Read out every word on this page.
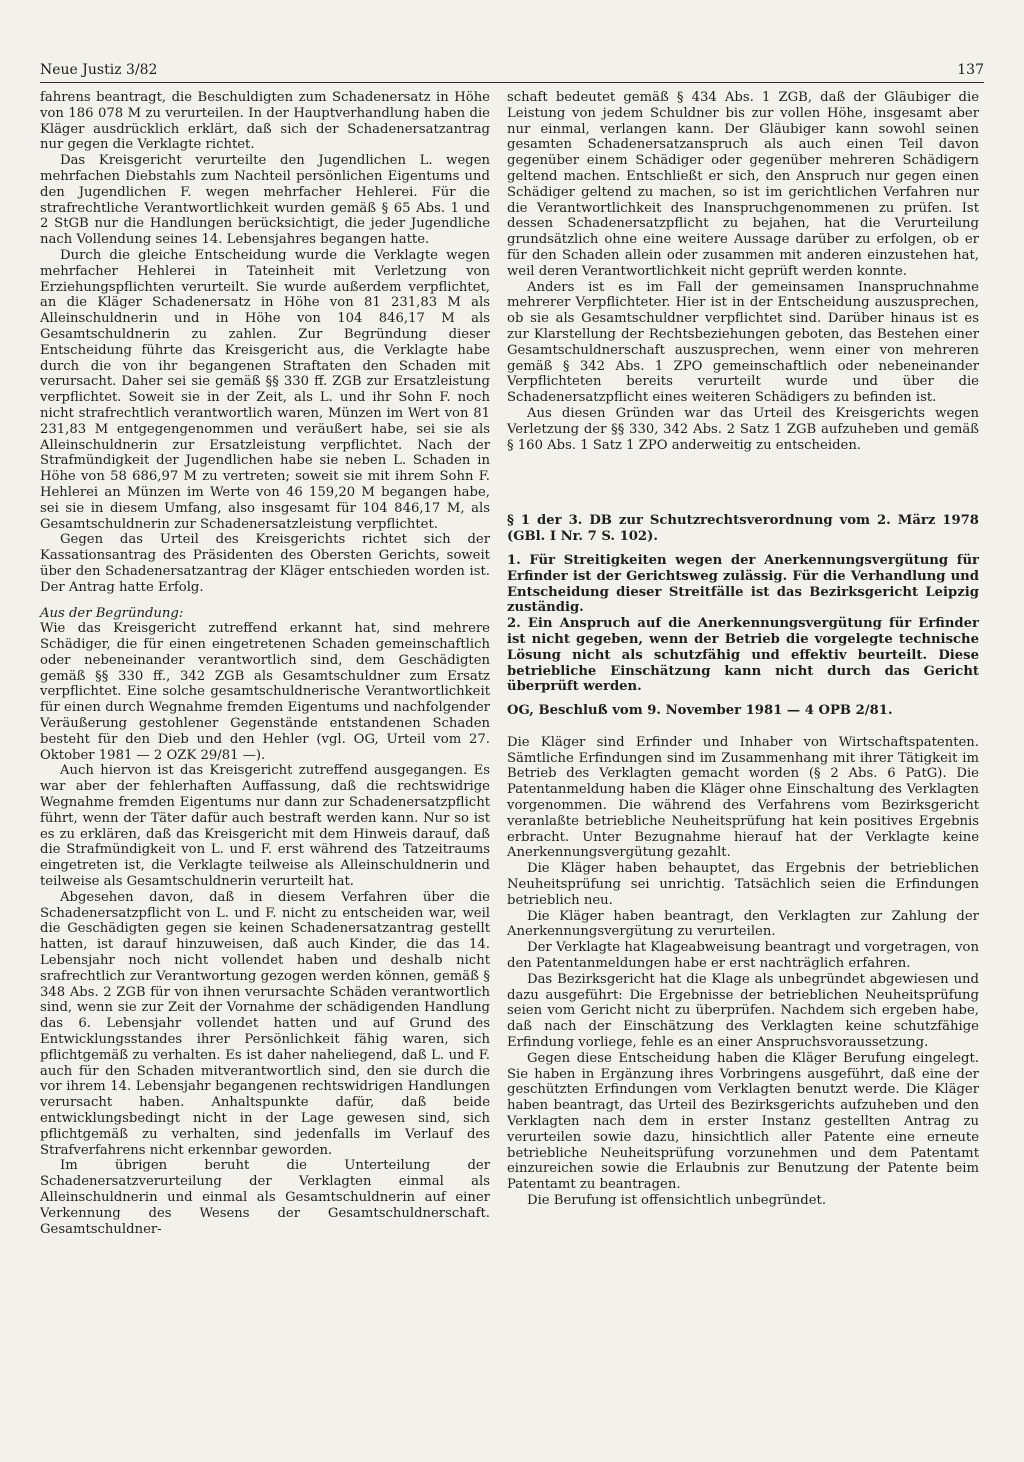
Neue Justiz 3/82	137

fahrens beantragt, die Beschuldigten zum Schadenersatz in Höhe von 186 078 M zu verurteilen. In der Hauptverhandlung haben die Kläger ausdrücklich erklärt, daß sich der Schadenersatzantrag nur gegen die Verklagte richtet.

Das Kreisgericht verurteilte den Jugendlichen L. wegen mehrfachen Diebstahls zum Nachteil persönlichen Eigentums und den Jugendlichen F. wegen mehrfacher Hehlerei. Für die strafrechtliche Verantwortlichkeit wurden gemäß § 65 Abs. 1 und 2 StGB nur die Handlungen berücksichtigt, die jeder Jugendliche nach Vollendung seines 14. Lebensjahres begangen hatte.

Durch die gleiche Entscheidung wurde die Verklagte wegen mehrfacher Hehlerei in Tateinheit mit Verletzung von Erziehungspflichten verurteilt. Sie wurde außerdem verpflichtet, an die Kläger Schadenersatz in Höhe von 81 231,83 M als Alleinschuldnerin und in Höhe von 104 846,17 M als Gesamtschuldnerin zu zahlen. Zur Begründung dieser Entscheidung führte das Kreisgericht aus, die Verklagte habe durch die von ihr begangenen Straftaten den Schaden mit verursacht. Daher sei sie gemäß §§ 330 ff. ZGB zur Ersatzleistung verpflichtet. Soweit sie in der Zeit, als L. und ihr Sohn F. noch nicht strafrechtlich verantwortlich waren, Münzen im Wert von 81 231,83 M entgegengenommen und veräußert habe, sei sie als Alleinschuldnerin zur Ersatzleistung verpflichtet. Nach der Strafmündigkeit der Jugendlichen habe sie neben L. Schaden in Höhe von 58 686,97 M zu vertreten; soweit sie mit ihrem Sohn F. Hehlerei an Münzen im Werte von 46 159,20 M begangen habe, sei sie in diesem Umfang, also insgesamt für 104 846,17 M, als Gesamtschuldnerin zur Schadenersatzleistung verpflichtet.

Gegen das Urteil des Kreisgerichts richtet sich der Kassationsantrag des Präsidenten des Obersten Gerichts, soweit über den Schadenersatzantrag der Kläger entschieden worden ist. Der Antrag hatte Erfolg.

Aus der Begründung:

Wie das Kreisgericht zutreffend erkannt hat, sind mehrere Schädiger, die für einen eingetretenen Schaden gemeinschaftlich oder nebeneinander verantwortlich sind, dem Geschädigten gemäß §§ 330 ff., 342 ZGB als Gesamtschuldner zum Ersatz verpflichtet. Eine solche gesamtschuldnerische Verantwortlichkeit für einen durch Wegnahme fremden Eigentums und nachfolgender Veräußerung gestohlener Gegenstände entstandenen Schaden besteht für den Dieb und den Hehler (vgl. OG, Urteil vom 27. Oktober 1981 — 2 OZK 29/81 —).

Auch hiervon ist das Kreisgericht zutreffend ausgegangen. Es war aber der fehlerhaften Auffassung, daß die rechtswidrige Wegnahme fremden Eigentums nur dann zur Schadenersatzpflicht führt, wenn der Täter dafür auch bestraft werden kann. Nur so ist es zu erklären, daß das Kreisgericht mit dem Hinweis darauf, daß die Strafmündigkeit von L. und F. erst während des Tatzeitraums eingetreten ist, die Verklagte teilweise als Alleinschuldnerin und teilweise als Gesamtschuldnerin verurteilt hat.

Abgesehen davon, daß in diesem Verfahren über die Schadenersatzpflicht von L. und F. nicht zu entscheiden war, weil die Geschädigten gegen sie keinen Schadenersatzantrag gestellt hatten, ist darauf hinzuweisen, daß auch Kinder, die das 14. Lebensjahr noch nicht vollendet haben und deshalb nicht srafrechtlich zur Verantwortung gezogen werden können, gemäß § 348 Abs. 2 ZGB für von ihnen verursachte Schäden verantwortlich sind, wenn sie zur Zeit der Vornahme der schädigenden Handlung das 6. Lebensjahr vollendet hatten und auf Grund des Entwicklungsstandes ihrer Persönlichkeit fähig waren, sich pflichtgemäß zu verhalten. Es ist daher naheliegend, daß L. und F. auch für den Schaden mitverantwortlich sind, den sie durch die vor ihrem 14. Lebensjahr begangenen rechtswidrigen Handlungen verursacht haben. Anhaltspunkte dafür, daß beide entwicklungsbedingt nicht in der Lage gewesen sind, sich pflichtgemäß zu verhalten, sind jedenfalls im Verlauf des Strafverfahrens nicht erkennbar geworden.

Im übrigen beruht die Unterteilung der Schadenersatzverurteilung der Verklagten einmal als Alleinschuldnerin und einmal als Gesamtschuldnerin auf einer Verkennung des Wesens der Gesamtschuldnerschaft. Gesamtschuldner-

schaft bedeutet gemäß § 434 Abs. 1 ZGB, daß der Gläubiger die Leistung von jedem Schuldner bis zur vollen Höhe, insgesamt aber nur einmal, verlangen kann. Der Gläubiger kann sowohl seinen gesamten Schadenersatzanspruch als auch einen Teil davon gegenüber einem Schädiger oder gegenüber mehreren Schädigern geltend machen. Entschließt er sich, den Anspruch nur gegen einen Schädiger geltend zu machen, so ist im gerichtlichen Verfahren nur die Verantwortlichkeit des Inanspruchgenommenen zu prüfen. Ist dessen Schadenersatzpflicht zu bejahen, hat die Verurteilung grundsätzlich ohne eine weitere Aussage darüber zu erfolgen, ob er für den Schaden allein oder zusammen mit anderen einzustehen hat, weil deren Verantwortlichkeit nicht geprüft werden konnte.

Anders ist es im Fall der gemeinsamen Inanspruchnahme mehrerer Verpflichteter. Hier ist in der Entscheidung auszusprechen, ob sie als Gesamtschuldner verpflichtet sind. Darüber hinaus ist es zur Klarstellung der Rechtsbeziehungen geboten, das Bestehen einer Gesamtschuldnerschaft auszusprechen, wenn einer von mehreren gemäß § 342 Abs. 1 ZPO gemeinschaftlich oder nebeneinander Verpflichteten bereits verurteilt wurde und über die Schadenersatzpflicht eines weiteren Schädigers zu befinden ist.

Aus diesen Gründen war das Urteil des Kreisgerichts wegen Verletzung der §§ 330, 342 Abs. 2 Satz 1 ZGB aufzuheben und gemäß § 160 Abs. 1 Satz 1 ZPO anderweitig zu entscheiden.

§ 1 der 3. DB zur Schutzrechtsverordnung vom 2. März 1978 (GBl. I Nr. 7 S. 102).

1. Für Streitigkeiten wegen der Anerkennungsvergütung für Erfinder ist der Gerichtsweg zulässig. Für die Verhandlung und Entscheidung dieser Streitfälle ist das Bezirksgericht Leipzig zuständig.

2. Ein Anspruch auf die Anerkennungsvergütung für Erfinder ist nicht gegeben, wenn der Betrieb die vorgelegte technische Lösung nicht als schutzfähig und effektiv beurteilt. Diese betriebliche Einschätzung kann nicht durch das Gericht überprüft werden.

OG, Beschluß vom 9. November 1981 — 4 OPB 2/81.

Die Kläger sind Erfinder und Inhaber von Wirtschaftspatenten. Sämtliche Erfindungen sind im Zusammenhang mit ihrer Tätigkeit im Betrieb des Verklagten gemacht worden (§ 2 Abs. 6 PatG). Die Patentanmeldung haben die Kläger ohne Einschaltung des Verklagten vorgenommen. Die während des Verfahrens vom Bezirksgericht veranlaßte betriebliche Neuheitsprüfung hat kein positives Ergebnis erbracht. Unter Bezugnahme hierauf hat der Verklagte keine Anerkennungsvergütung gezahlt.

Die Kläger haben behauptet, das Ergebnis der betrieblichen Neuheitsprüfung sei unrichtig. Tatsächlich seien die Erfindungen betrieblich neu.

Die Kläger haben beantragt, den Verklagten zur Zahlung der Anerkennungsvergütung zu verurteilen.

Der Verklagte hat Klageabweisung beantragt und vorgetragen, von den Patentanmeldungen habe er erst nachträglich erfahren.

Das Bezirksgericht hat die Klage als unbegründet abgewiesen und dazu ausgeführt: Die Ergebnisse der betrieblichen Neuheitsprüfung seien vom Gericht nicht zu überprüfen. Nachdem sich ergeben habe, daß nach der Einschätzung des Verklagten keine schutzfähige Erfindung vorliege, fehle es an einer Anspruchsvoraussetzung.

Gegen diese Entscheidung haben die Kläger Berufung eingelegt. Sie haben in Ergänzung ihres Vorbringens ausgeführt, daß eine der geschützten Erfindungen vom Verklagten benutzt werde. Die Kläger haben beantragt, das Urteil des Bezirksgerichts aufzuheben und den Verklagten nach dem in erster Instanz gestellten Antrag zu verurteilen sowie dazu, hinsichtlich aller Patente eine erneute betriebliche Neuheitsprüfung vorzunehmen und dem Patentamt einzureichen sowie die Erlaubnis zur Benutzung der Patente beim Patentamt zu beantragen.

Die Berufung ist offensichtlich unbegründet.
